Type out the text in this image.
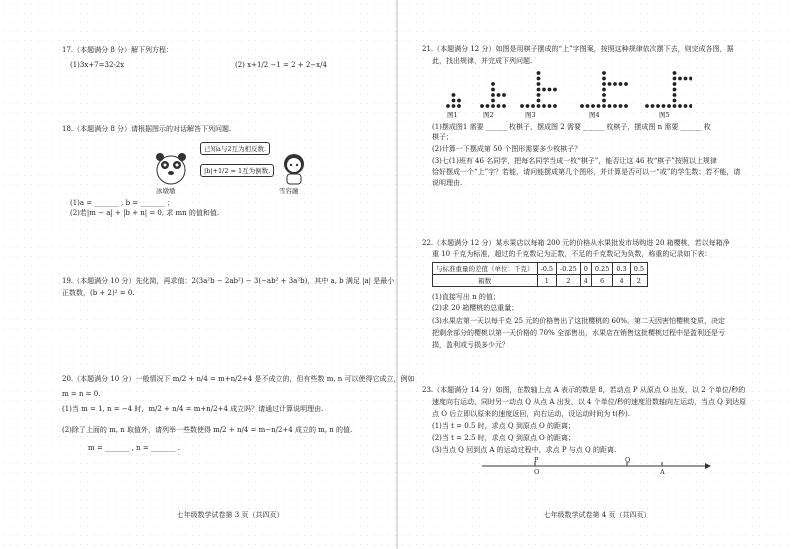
17.（本题满分 8 分）解下列方程：
(1)3x+7=32-2x	(2) x+1/2 −1 = 2 + 2−x/4
18.（本题满分 8 分）请根据图示的对话解答下列问题.
已知a与2互为相反数.
|b|+1/2 = 1互为倒数.
冰墩墩	雪容融
(1)a = _______ , b = _______ ；
(2)若|m − a| + |b + n| = 0, 求 mn 的值和值.
19.（本题满分 10 分）先化简，再求值：2(3a²b − 2ab²) − 3(−ab² + 3a²b)，其中 a, b 满足 |a| 是最小
正数数，(b + 2)² = 0.
20.（本题满分 10 分）一般情况下 m/2 + n/4 = m+n/2+4 是不成立的，但有些数 m, n 可以使得它成立，例如
m = n = 0.
(1)当 m = 1, n = −4 时，m/2 + n/4 = m+n/2+4 成立吗？请通过计算说明理由.
(2)除了上面的 m, n 取值外，请列举一些数使得 m/2 + n/4 = m−n/2+4 成立的 m, n 的值.
m = _______ , n = _______ .
七年级数学试卷第 3 页（共四页）
21.（本题满分 12 分）如图是用棋子摆成的“上”字图案，按照这种规律依次摆下去，则完成各图，据
此，找出规律，并完成下列问题.
图1	图2	图3	图4	图5
(1)摆成图1 需要 ______ 枚棋子，摆成图 2 需要 ______ 枚棋子，摆成图 n 需要 ______ 枚
棋子；
(2)计算一下摆成第 50 个图形需要多少枚棋子？
(3)七(1)班有 46 名同学，把每名同学当成一枚“棋子”，能否让这 46 枚“棋子”按照以上规律
恰好摆成一个“上”字？若能，请问能摆成第几个图形，并计算是否可以一“或”的学生数；若不能，请
说明理由.
22.（本题满分 12 分）某水果店以每箱 200 元的价格从水果批发市场购进 20 箱樱桃，若以每箱净
重 10 千克为标准，超过的千克数记为正数，不足的千克数记为负数，称重的记录如下表：
与标准重量的差值（单位：千克）	-0.5	-0.25	0	0.25	0.3	0.5
箱数	1	2	4	6	4	2
(1)直接写出 n 的值；
(2)求 20 箱樱桃的总重量；
(3)水果店第一天以每千克 25 元的价格售出了这批樱桃的 60%，第二天因害怕樱桃变质，决定
把剩余部分的樱桃以第一天价格的 70% 全部售出，水果店在销售这批樱桃过程中是盈利还是亏
损，盈利或亏损多少元？
23.（本题满分 14 分）如图，在数轴上点 A 表示的数是 8，若动点 P 从原点 O 出发，以 2 个单位/秒的
速度向右运动，同时另一动点 Q 从点 A 出发，以 4 个单位/秒的速度沿数轴向左运动，当点 Q 到达原
点 O 后立即以原来的速度返回，向右运动，设运动时间为 t(秒).
(1)当 t = 0.5 时，求点 Q 到原点 O 的距离；
(2)当 t = 2.5 时，求点 Q 到原点 O 的距离；
(3)当点 Q 回到点 A 的运动过程中，求点 P 与点 Q 的距离.
P
O
Q
A
七年级数学试卷第 4 页（共四页）
